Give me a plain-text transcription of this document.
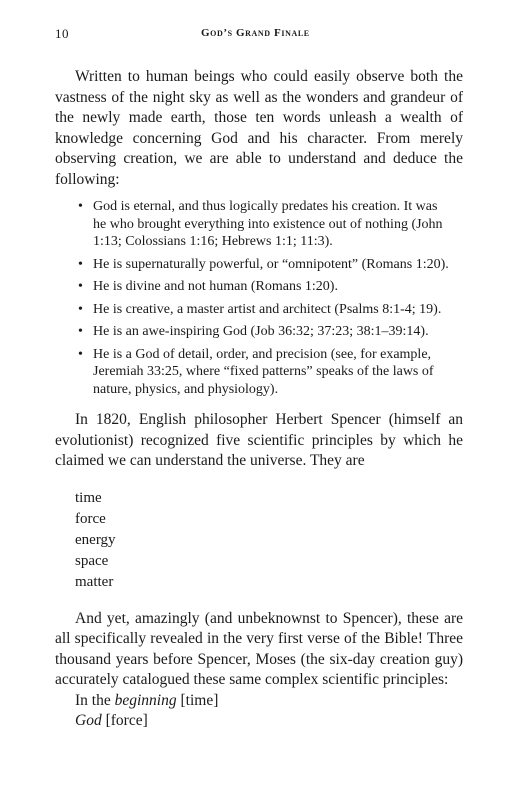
10	God’s Grand Finale

Written to human beings who could easily observe both the vastness of the night sky as well as the wonders and grandeur of the newly made earth, those ten words unleash a wealth of knowledge concerning God and his character. From merely observing creation, we are able to understand and deduce the following:

• God is eternal, and thus logically predates his creation. It was he who brought everything into existence out of nothing (John 1:13; Colossians 1:16; Hebrews 1:1; 11:3).
• He is supernaturally powerful, or “omnipotent” (Romans 1:20).
• He is divine and not human (Romans 1:20).
• He is creative, a master artist and architect (Psalms 8:1-4; 19).
• He is an awe-inspiring God (Job 36:32; 37:23; 38:1–39:14).
• He is a God of detail, order, and precision (see, for example, Jeremiah 33:25, where “fixed patterns” speaks of the laws of nature, physics, and physiology).

In 1820, English philosopher Herbert Spencer (himself an evolutionist) recognized five scientific principles by which he claimed we can understand the universe. They are

time
force
energy
space
matter

And yet, amazingly (and unbeknownst to Spencer), these are all specifically revealed in the very first verse of the Bible! Three thousand years before Spencer, Moses (the six-day creation guy) accurately catalogued these same complex scientific principles:

In the beginning [time]
God [force]
